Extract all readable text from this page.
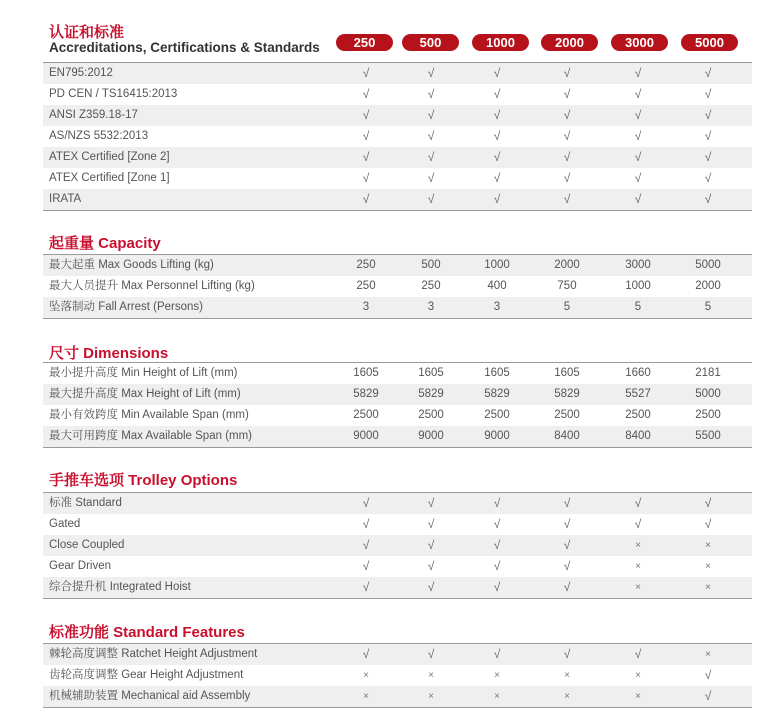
认证和标准
Accreditations, Certifications & Standards	250	500	1000	2000	3000	5000
EN795:2012	√	√	√	√	√	√
PD CEN / TS16415:2013	√	√	√	√	√	√
ANSI Z359.18-17	√	√	√	√	√	√
AS/NZS 5532:2013	√	√	√	√	√	√
ATEX Certified [Zone 2]	√	√	√	√	√	√
ATEX Certified [Zone 1]	√	√	√	√	√	√
IRATA	√	√	√	√	√	√
起重量 Capacity
最大起重 Max Goods Lifting (kg)	250	500	1000	2000	3000	5000
最大人员提升 Max Personnel Lifting (kg)	250	250	400	750	1000	2000
坠落制动 Fall Arrest (Persons)	3	3	3	5	5	5
尺寸 Dimensions
最小提升高度 Min Height of Lift (mm)	1605	1605	1605	1605	1660	2181
最大提升高度 Max Height of Lift (mm)	5829	5829	5829	5829	5527	5000
最小有效跨度 Min Available Span (mm)	2500	2500	2500	2500	2500	2500
最大可用跨度 Max Available Span (mm)	9000	9000	9000	8400	8400	5500
手推车选项 Trolley Options
标准 Standard	√	√	√	√	√	√
Gated	√	√	√	√	√	√
Close Coupled	√	√	√	√	×	×
Gear Driven	√	√	√	√	×	×
综合提升机 Integrated Hoist	√	√	√	√	×	×
标准功能 Standard Features
棘轮高度调整 Ratchet Height Adjustment	√	√	√	√	√	×
齿轮高度调整 Gear Height Adjustment	×	×	×	×	×	√
机械辅助装置 Mechanical aid Assembly	×	×	×	×	×	√
